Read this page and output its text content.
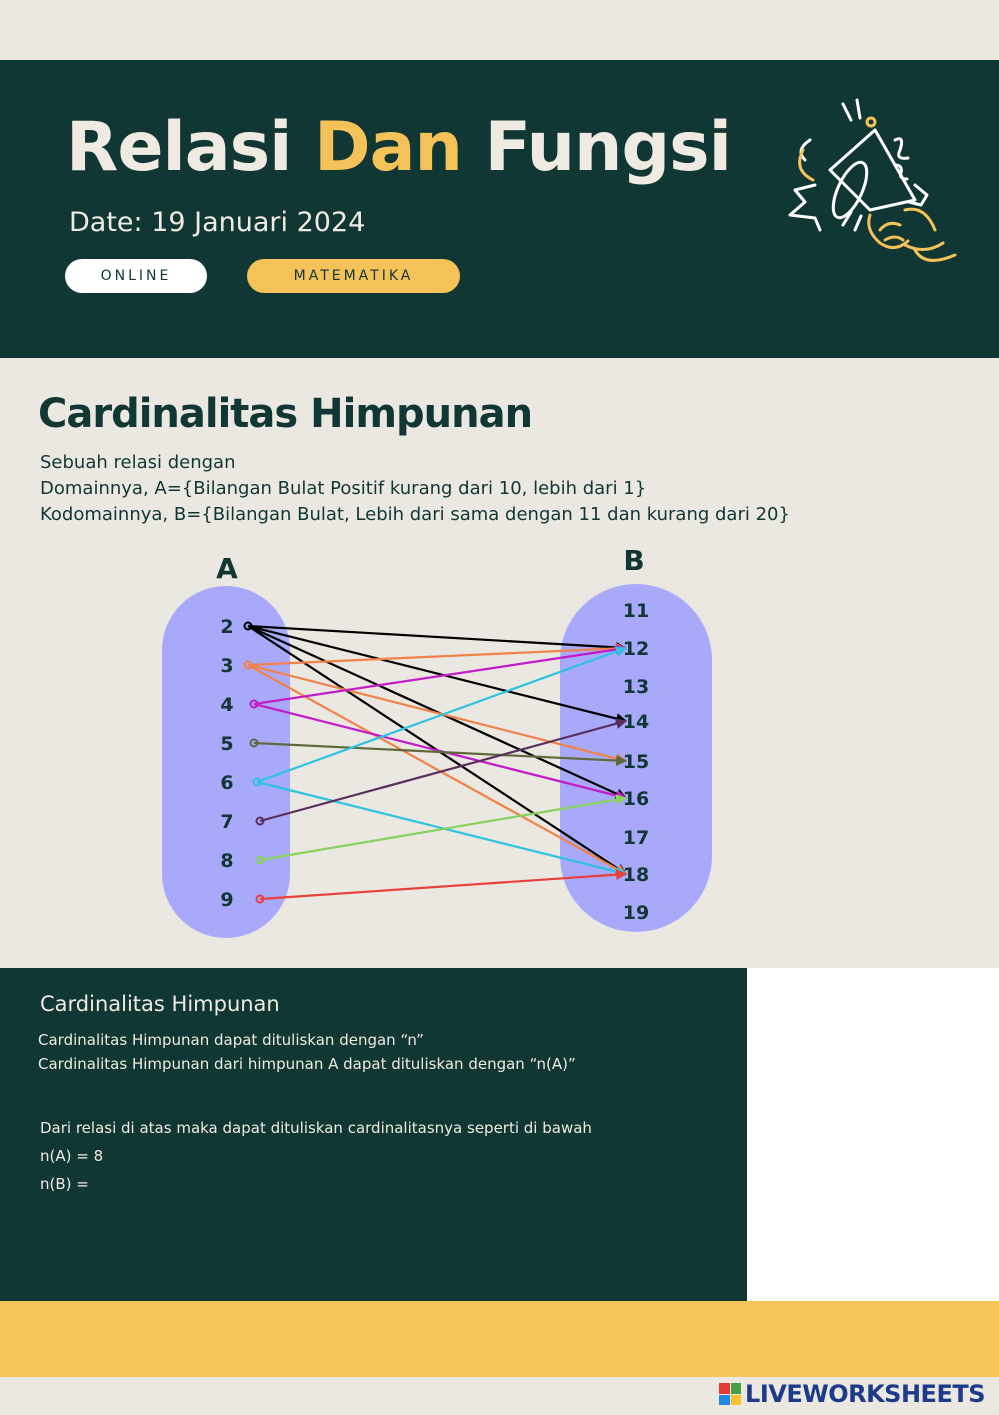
Relasi Dan Fungsi
Date: 19 Januari 2024
ONLINE	MATEMATIKA
Cardinalitas Himpunan
Sebuah relasi dengan
Domainnya, A={Bilangan Bulat Positif kurang dari 10, lebih dari 1}
Kodomainnya, B={Bilangan Bulat, Lebih dari sama dengan 11 dan kurang dari 20}
A	B
2
3
4
5
6
7
8
9
11
12
13
14
15
16
17
18
19
Cardinalitas Himpunan
Cardinalitas Himpunan dapat dituliskan dengan “n”
Cardinalitas Himpunan dari himpunan A dapat dituliskan dengan “n(A)”
Dari relasi di atas maka dapat dituliskan cardinalitasnya seperti di bawah
n(A) = 8
n(B) =
LIVEWORKSHEETS
